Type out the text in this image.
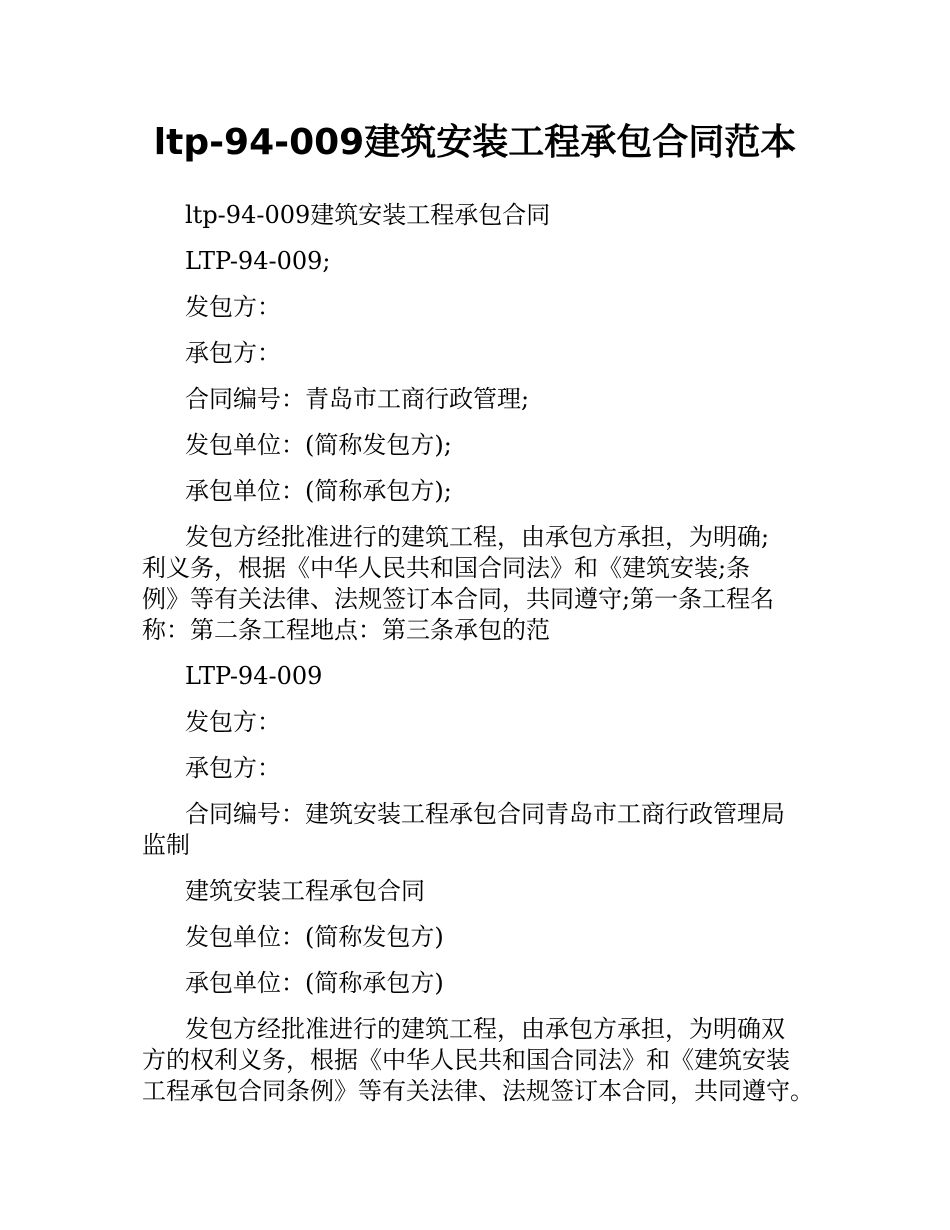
ltp-94-009建筑安装工程承包合同范本

ltp-94-009建筑安装工程承包合同

LTP-94-009;

发包方：

承包方：

合同编号：青岛市工商行政管理;

发包单位：(简称发包方);

承包单位：(简称承包方);

发包方经批准进行的建筑工程，由承包方承担，为明确;
利义务，根据《中华人民共和国合同法》和《建筑安装;条
例》等有关法律、法规签订本合同，共同遵守;第一条工程名
称：第二条工程地点：第三条承包的范

LTP-94-009

发包方：

承包方：

合同编号：建筑安装工程承包合同青岛市工商行政管理局
监制

建筑安装工程承包合同

发包单位：(简称发包方)

承包单位：(简称承包方)

发包方经批准进行的建筑工程，由承包方承担，为明确双
方的权利义务，根据《中华人民共和国合同法》和《建筑安装
工程承包合同条例》等有关法律、法规签订本合同，共同遵守。
